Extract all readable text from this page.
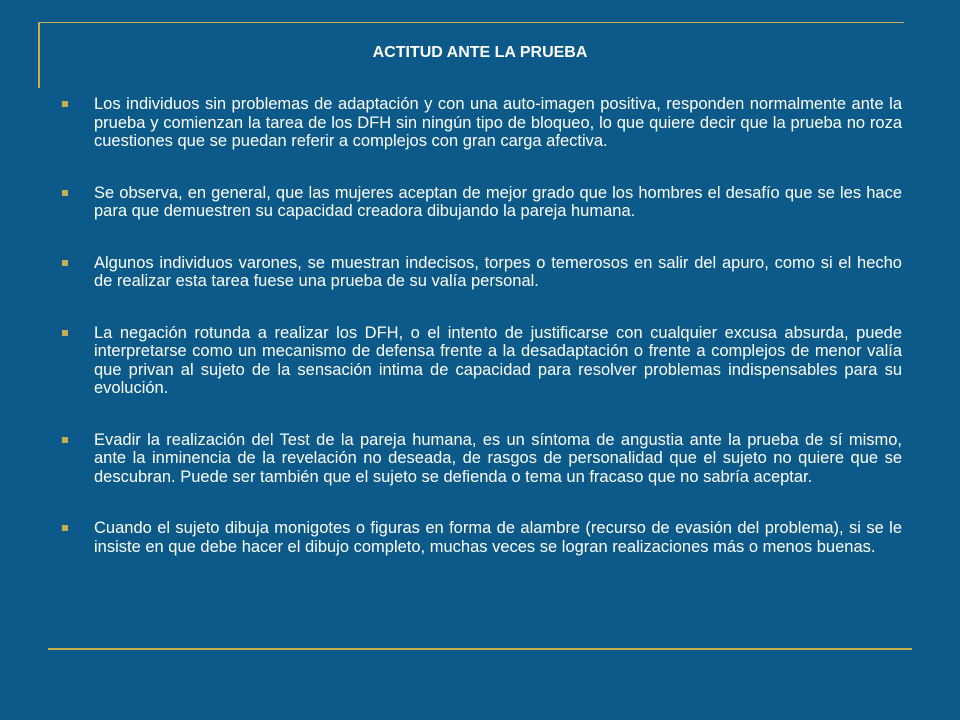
ACTITUD ANTE LA PRUEBA
Los individuos sin problemas de adaptación y con una auto-imagen positiva, responden normalmente ante la prueba y comienzan la tarea de los DFH sin ningún tipo de bloqueo, lo que quiere decir que la prueba no roza cuestiones que se puedan referir a complejos con gran carga afectiva.
Se observa, en general, que las mujeres aceptan de mejor grado que los hombres el desafío que se les hace para que demuestren su capacidad creadora dibujando la pareja humana.
Algunos individuos varones, se muestran indecisos, torpes o temerosos en salir del apuro, como si el hecho de realizar esta tarea fuese una prueba de su valía personal.
La negación rotunda a realizar los DFH, o el intento de justificarse con cualquier excusa absurda, puede interpretarse como un mecanismo de defensa frente a la desadaptación o frente a complejos de menor valía que privan al sujeto de la sensación intima de capacidad para resolver problemas indispensables para su evolución.
Evadir la realización del Test de la pareja humana, es un síntoma de angustia ante la prueba de sí mismo, ante la inminencia de la revelación no deseada, de rasgos de personalidad que el sujeto no quiere que se descubran. Puede ser también que el sujeto se defienda o tema un fracaso que no sabría aceptar.
Cuando el sujeto dibuja monigotes o figuras en forma de alambre (recurso de evasión del problema), si se le insiste en que debe hacer el dibujo completo, muchas veces se logran realizaciones más o menos buenas.
